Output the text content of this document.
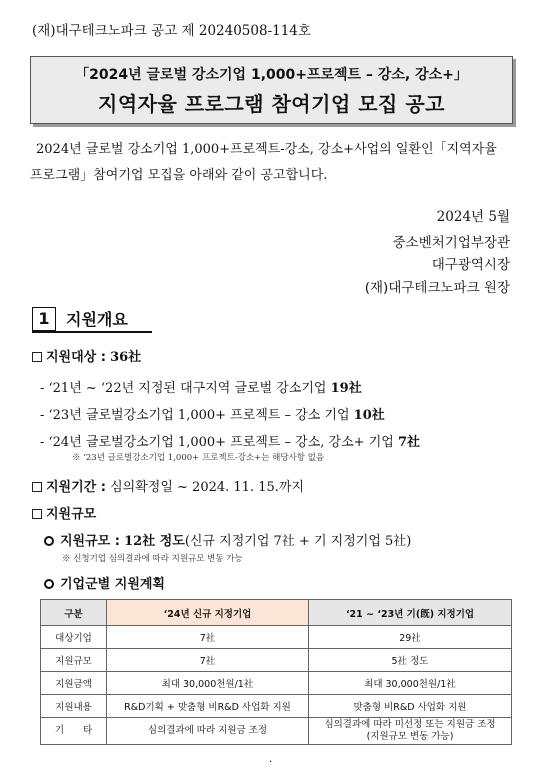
(재)대구테크노파크 공고 제 20240508-114호
「2024년 글로벌 강소기업 1,000+프로젝트 – 강소, 강소+」
지역자율 프로그램 참여기업 모집 공고
2024년 글로벌 강소기업 1,000+프로젝트-강소, 강소+사업의 일환인「지역자율 프로그램」참여기업 모집을 아래와 같이 공고합니다.
2024년 5월
중소벤처기업부장관
대구광역시장
(재)대구테크노파크 원장
1	지원개요
지원대상 : 36社
- ‘21년 ~ ‘22년 지정된 대구지역 글로벌 강소기업 19社
- ‘23년 글로벌강소기업 1,000+ 프로젝트 – 강소 기업 10社
- ‘24년 글로벌강소기업 1,000+ 프로젝트 – 강소, 강소+ 기업 7社
※ ‘23년 글로벌강소기업 1,000+ 프로젝트-강소+는 해당사항 없음
지원기간 : 심의확정일 ~ 2024. 11. 15.까지
지원규모
지원규모 : 12社 정도(신규 지정기업 7社 + 기 지정기업 5社)
※ 신청기업 심의결과에 따라 지원규모 변동 가능
기업군별 지원계획
구분	‘24년 신규 지정기업	‘21 ~ ‘23년 기(旣) 지정기업
대상기업	7社	29社
지원규모	7社	5社 정도
지원금액	최대 30,000천원/1社	최대 30,000천원/1社
지원내용	R&D기획 + 맞춤형 비R&D 사업화 지원	맞춤형 비R&D 사업화 지원
기　　타	심의결과에 따라 지원금 조정	심의결과에 따라 미선정 또는 지원금 조정
(지원규모 변동 가능)
·
